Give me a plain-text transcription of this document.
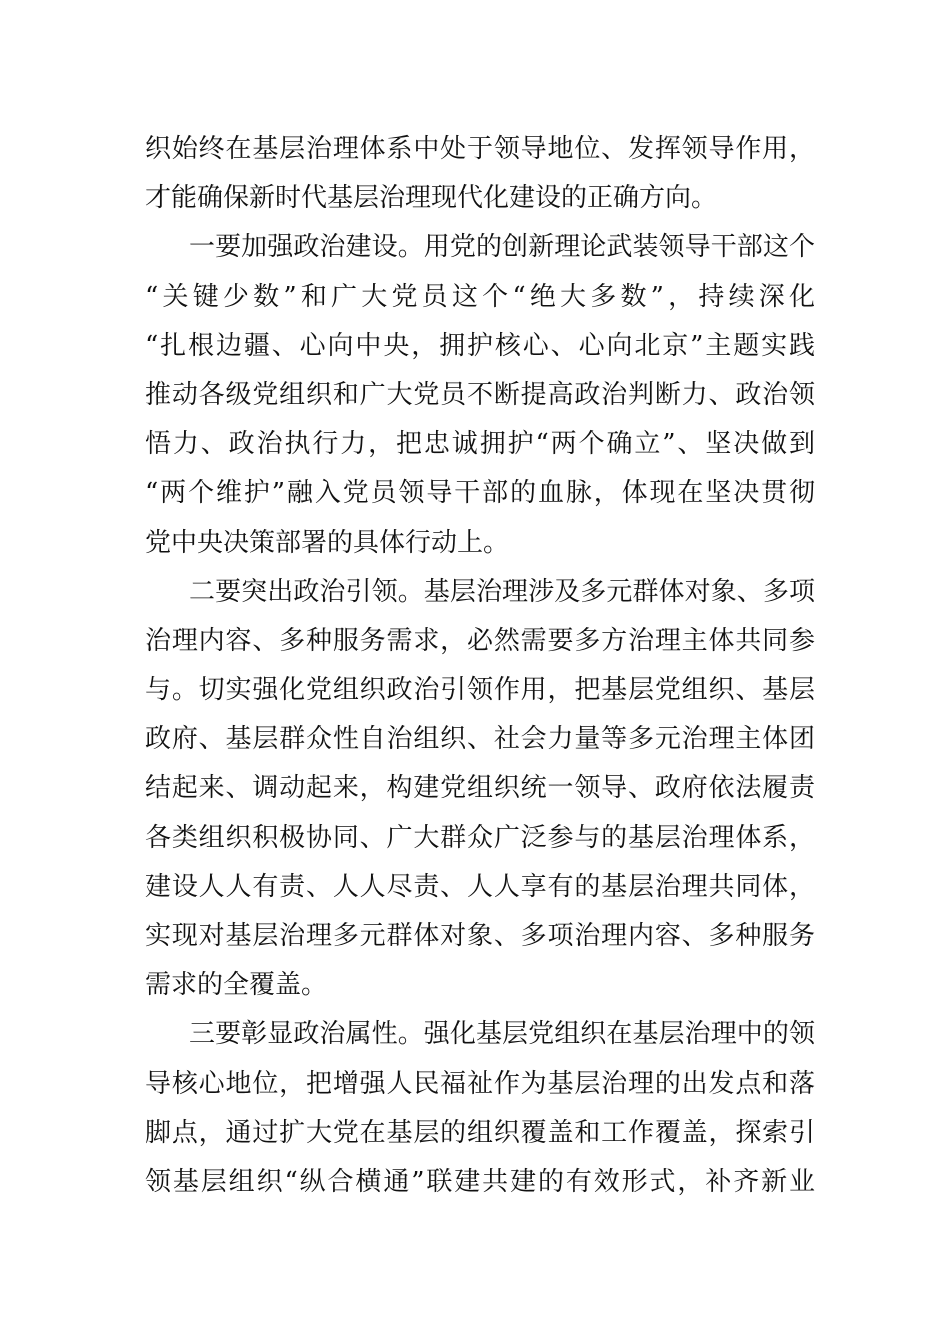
织始终在基层治理体系中处于领导地位、发挥领导作用，
才能确保新时代基层治理现代化建设的正确方向。
一要加强政治建设。用党的创新理论武装领导干部这个
“关键少数”和广大党员这个“绝大多数”，持续深化
“扎根边疆、心向中央，拥护核心、心向北京”主题实践
推动各级党组织和广大党员不断提高政治判断力、政治领
悟力、政治执行力，把忠诚拥护“两个确立”、坚决做到
“两个维护”融入党员领导干部的血脉，体现在坚决贯彻
党中央决策部署的具体行动上。
二要突出政治引领。基层治理涉及多元群体对象、多项
治理内容、多种服务需求，必然需要多方治理主体共同参
与。切实强化党组织政治引领作用，把基层党组织、基层
政府、基层群众性自治组织、社会力量等多元治理主体团
结起来、调动起来，构建党组织统一领导、政府依法履责
各类组织积极协同、广大群众广泛参与的基层治理体系，
建设人人有责、人人尽责、人人享有的基层治理共同体，
实现对基层治理多元群体对象、多项治理内容、多种服务
需求的全覆盖。
三要彰显政治属性。强化基层党组织在基层治理中的领
导核心地位，把增强人民福祉作为基层治理的出发点和落
脚点，通过扩大党在基层的组织覆盖和工作覆盖，探索引
领基层组织“纵合横通”联建共建的有效形式，补齐新业
